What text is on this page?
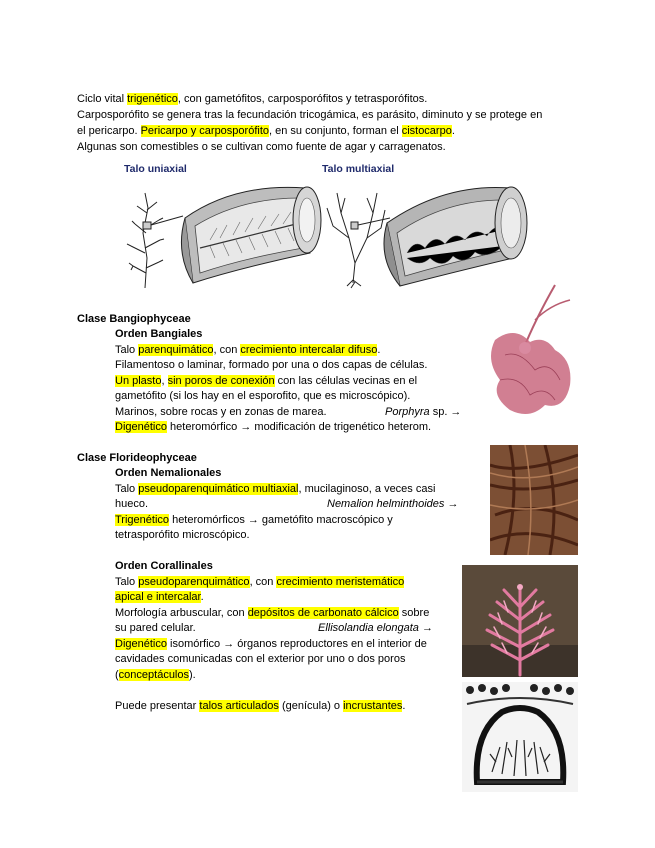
Ciclo vital trigenético, con gametófitos, carposporófitos y tetrasporófitos.
Carposporófito se genera tras la fecundación tricogámica, es parásito, diminuto y se protege en
el pericarpo. Pericarpo y carposporófito, en su conjunto, forman el cistocarpo.
Algunas son comestibles o se cultivan como fuente de agar y carragenatos.
Talo uniaxial	Talo multiaxial
Clase Bangiophyceae
Orden Bangiales
Talo parenquimático, con crecimiento intercalar difuso.
Filamentoso o laminar, formado por una o dos capas de células.
Un plasto, sin poros de conexión con las células vecinas en el
gametófito (si los hay en el esporofito, que es microscópico).
Marinos, sobre rocas y en zonas de marea.	Porphyra sp. →
Digenético heteromórfico → modificación de trigenético heterom.
Clase Florideophyceae
Orden Nemalionales
Talo pseudoparenquimático multiaxial, mucilaginoso, a veces casi
hueco.	Nemalion helminthoides →
Trigenético heteromórficos → gametófito macroscópico y
tetrasporófito microscópico.
Orden Corallinales
Talo pseudoparenquimático, con crecimiento meristemático
apical e intercalar.
Morfología arbuscular, con depósitos de carbonato cálcico sobre
su pared celular.	Ellisolandia elongata →
Digenético isomórfico → órganos reproductores en el interior de
cavidades comunicadas con el exterior por uno o dos poros
(conceptáculos).
Puede presentar talos articulados (genícula) o incrustantes.
